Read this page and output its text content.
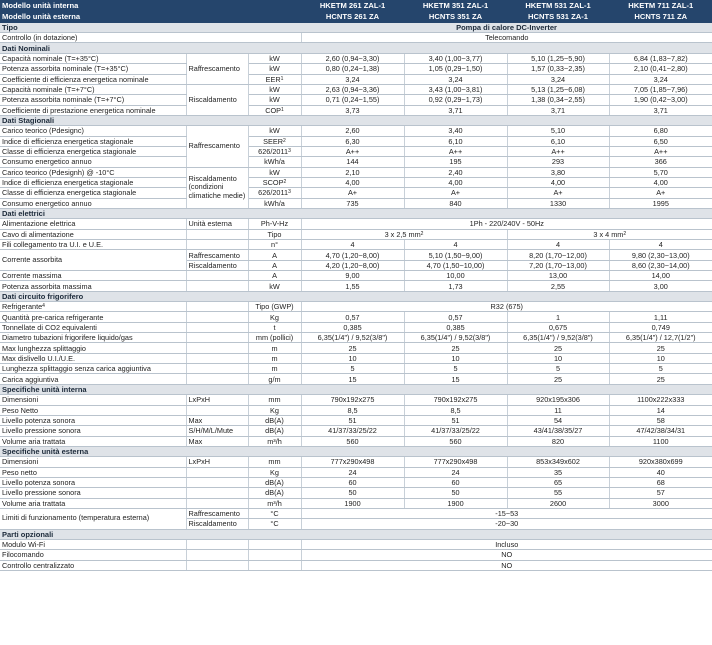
Modello unità interna			HKETM 261 ZAL-1	HKETM 351 ZAL-1	HKETM 531 ZAL-1	HKETM 711 ZAL-1
Modello unità esterna			HCNTS 261 ZA	HCNTS 351 ZA	HCNTS 531 ZA-1	HCNTS 711 ZA
Tipo			Pompa di calore DC-Inverter			
Controllo (in dotazione)			Telecomando			
Dati Nominali						
Capacità nominale (T=+35°C)	Raffrescamento	kW	2,60 (0,94~3,30)	3,40 (1,00~3,77)	5,10 (1,25~5,90)	6,84 (1,83~7,82)
Potenza assorbita nominale (T=+35°C)		kW	0,80 (0,24~1,38)	1,05 (0,29~1,50)	1,57 (0,33~2,35)	2,10 (0,41~2,80)
Coefficiente di efficienza energetica nominale		EER$^1$	3,24	3,24	3,24	3,24
Capacità nominale (T=+7°C)	Riscaldamento	kW	2,63 (0,94~3,36)	3,43 (1,00~3,81)	5,13 (1,25~6,08)	7,05 (1,85~7,96)
Potenza assorbita nominale (T=+7°C)		kW	0,71 (0,24~1,55)	0,92 (0,29~1,73)	1,38 (0,34~2,55)	1,90 (0,42~3,00)
Coefficiente di prestazione energetica nominale		COP$^1$	3,73	3,71	3,71	3,71
Dati Stagionali						
Carico teorico (Pdesignc)	Raffrescamento	kW	2,60	3,40	5,10	6,80
Indice di efficienza energetica stagionale		SEER$^2$	6,30	6,10	6,10	6,50
Classe di efficienza energetica stagionale		626/2011$^3$	A++	A++	A++	A++
Consumo energetico annuo		kWh/a	144	195	293	366
Carico teorico (Pdesignh) @ -10°C	Riscaldamento (condizioni climatiche medie)	kW	2,10	2,40	3,80	5,70
Indice di efficienza energetica stagionale		SCOP$^2$	4,00	4,00	4,00	4,00
Classe di efficienza energetica stagionale		626/2011$^3$	A+	A+	A+	A+
Consumo energetico annuo		kWh/a	735	840	1330	1995
Dati elettrici						
Alimentazione elettrica	Unità esterna	Ph-V-Hz	1Ph - 220/240V - 50Hz			
Cavo di alimentazione		Tipo	3 x 2,5 $mm^2$		3 x 4 $mm^2$
Fili collegamento tra U.I. e U.E.		n°	4	4	4	4
Corrente assorbita	Raffrescamento	A	4,70 (1,20~8,00)	5,10 (1,50~9,00)	8,20 (1,70~12,00)	9,80 (2,30~13,00)
	Riscaldamento	A	4,20 (1,20~8,00)	4,70 (1,50~10,00)	7,20 (1,70~13,00)	8,60 (2,30~14,00)
Corrente massima		A	9,00	10,00	13,00	14,00
Potenza assorbita massima		kW	1,55	1,73	2,55	3,00
Dati circuito frigorifero						
Refrigerante$^4$		Tipo (GWP)	R32 (675)			
Quantità pre-carica refrigerante		Kg	0,57	0,57	1	1,11
Tonnellate di CO2 equivalenti		t	0,385	0,385	0,675	0,749
Diametro tubazioni frigorifere liquido/gas		mm (pollici)	6,35(1/4") / 9,52(3/8")	6,35(1/4") / 9,52(3/8")	6,35(1/4") / 9,52(3/8")	6,35(1/4") / 12,7(1/2")
Max lunghezza splittaggio		m	25	25	25	25
Max dislivello U.I./U.E.		m	10	10	10	10
Lunghezza splittaggio senza carica aggiuntiva		m	5	5	5	5
Carica aggiuntiva		g/m	15	15	25	25
Specifiche unità interna						
Dimensioni	LxPxH	mm	790x192x275	790x192x275	920x195x306	1100x222x333
Peso Netto		Kg	8,5	8,5	11	14
Livello potenza sonora	Max	dB(A)	51	51	54	58
Livello pressione sonora	S/H/M/L/Mute	dB(A)	41/37/33/25/22	41/37/33/25/22	43/41/38/35/27	47/42/38/34/31
Volume aria trattata	Max	m³/h	560	560	820	1100
Specifiche unità esterna						
Dimensioni	LxPxH	mm	777x290x498	777x290x498	853x349x602	920x380x699
Peso netto		Kg	24	24	35	40
Livello potenza sonora		dB(A)	60	60	65	68
Livello pressione sonora		dB(A)	50	50	55	57
Volume aria trattata		m³/h	1900	1900	2600	3000
Limiti di funzionamento (temperatura esterna)	Raffrescamento	°C	-15~53			
	Riscaldamento	°C	-20~30			
Parti opzionali						
Modulo Wi-Fi			Incluso			
Filocomando			NO			
Controllo centralizzato			NO			
